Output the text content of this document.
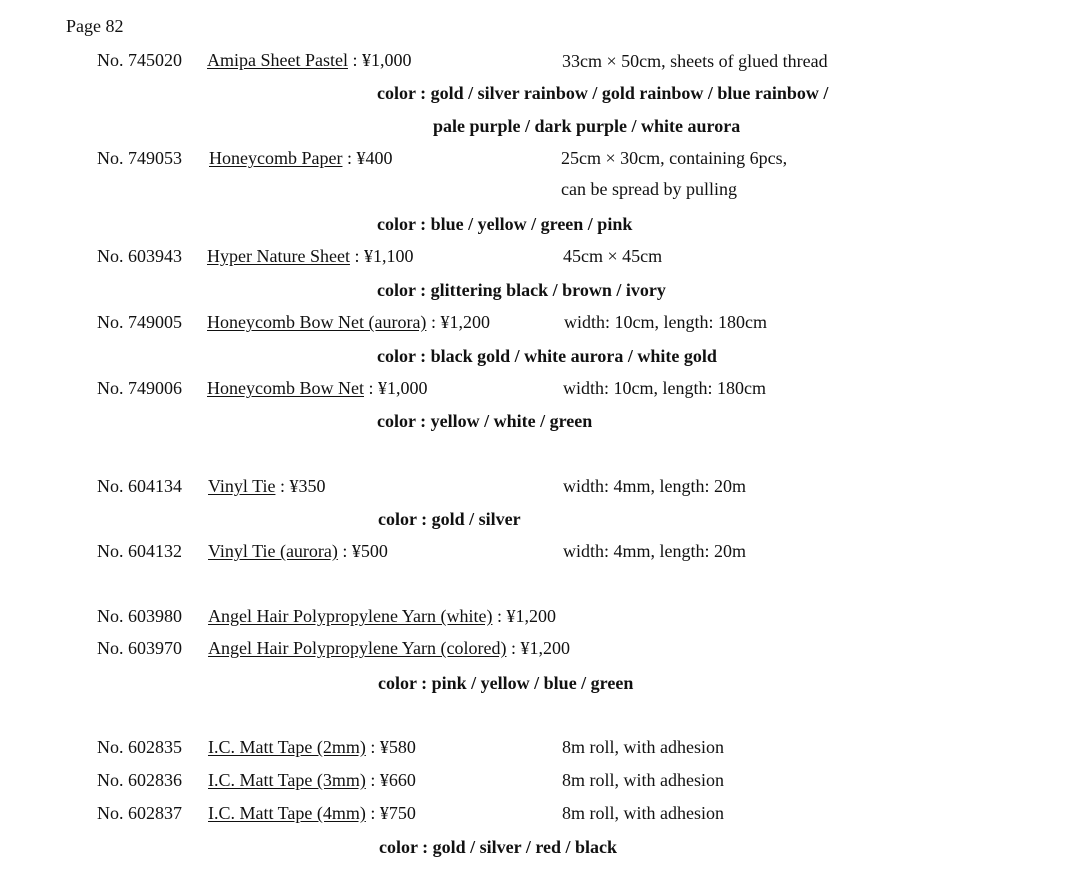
Page 82
No. 745020 Amipa Sheet Pastel : ¥1,000	33cm × 50cm, sheets of glued thread
color : gold / silver rainbow / gold rainbow / blue rainbow /
pale purple / dark purple / white aurora
No. 749053 Honeycomb Paper : ¥400	25cm × 30cm, containing 6pcs,
can be spread by pulling
color : blue / yellow / green / pink
No. 603943 Hyper Nature Sheet : ¥1,100	45cm × 45cm
color : glittering black / brown / ivory
No. 749005 Honeycomb Bow Net (aurora) : ¥1,200	width: 10cm, length: 180cm
color : black gold / white aurora / white gold
No. 749006 Honeycomb Bow Net : ¥1,000	width: 10cm, length: 180cm
color : yellow / white / green
No. 604134 Vinyl Tie : ¥350	width: 4mm, length: 20m
color : gold / silver
No. 604132 Vinyl Tie (aurora) : ¥500	width: 4mm, length: 20m
No. 603980 Angel Hair Polypropylene Yarn (white) : ¥1,200
No. 603970 Angel Hair Polypropylene Yarn (colored) : ¥1,200
color : pink / yellow / blue / green
No. 602835 I.C. Matt Tape (2mm) : ¥580	8m roll, with adhesion
No. 602836 I.C. Matt Tape (3mm) : ¥660	8m roll, with adhesion
No. 602837 I.C. Matt Tape (4mm) : ¥750	8m roll, with adhesion
color : gold / silver / red / black
